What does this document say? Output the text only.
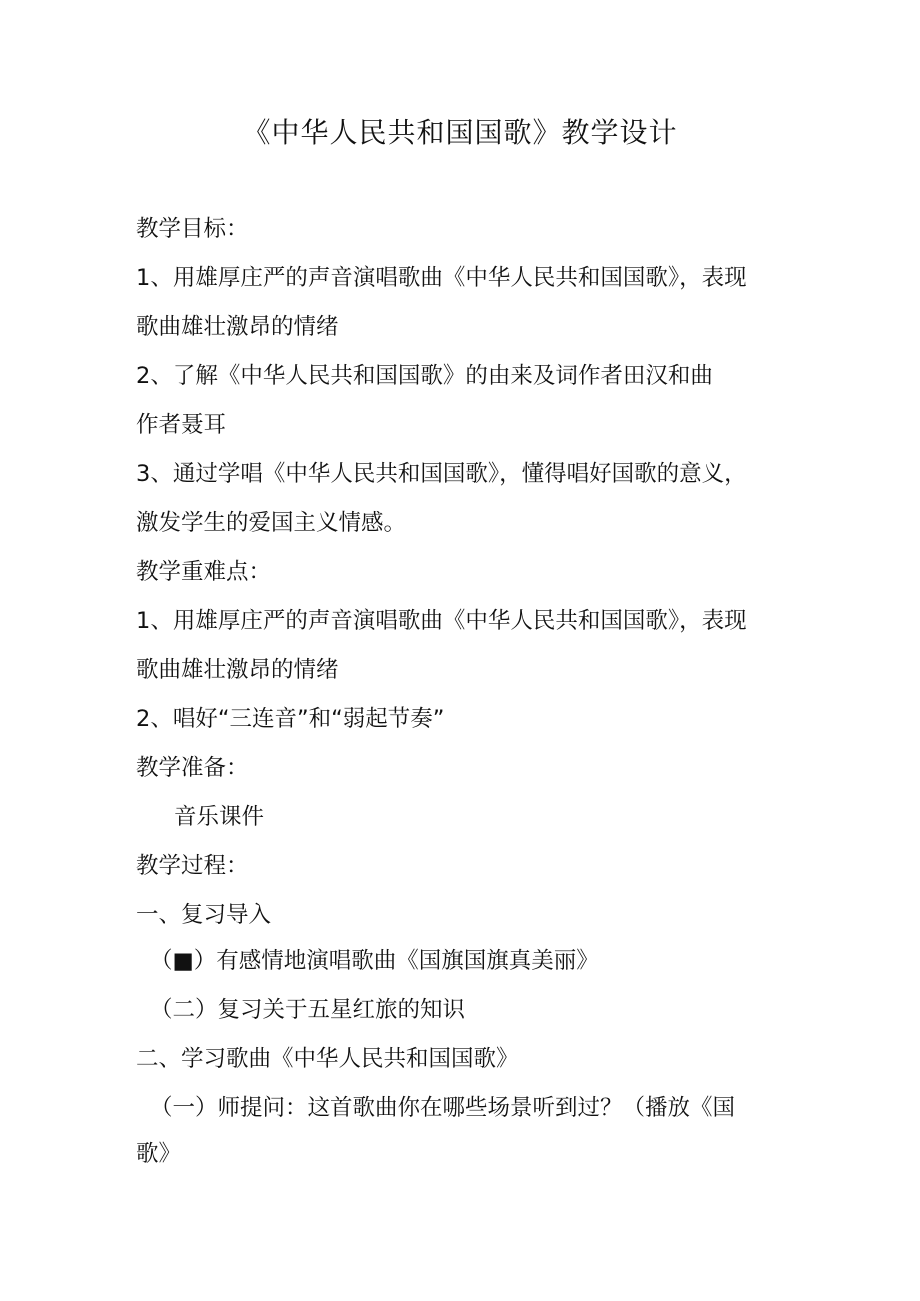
《中华人民共和国国歌》教学设计
教学目标：
1、用雄厚庄严的声音演唱歌曲《中华人民共和国国歌》，表现
歌曲雄壮激昂的情绪
2、了解《中华人民共和国国歌》的由来及词作者田汉和曲
作者聂耳
3、通过学唱《中华人民共和国国歌》，懂得唱好国歌的意义，
激发学生的爱国主义情感。
教学重难点：
1、用雄厚庄严的声音演唱歌曲《中华人民共和国国歌》，表现
歌曲雄壮激昂的情绪
2、唱好“三连音”和“弱起节奏”
教学准备：
音乐课件
教学过程：
一、复习导入
（■）有感情地演唱歌曲《国旗国旗真美丽》
（二）复习关于五星红旅的知识
二、学习歌曲《中华人民共和国国歌》
（一）师提问：这首歌曲你在哪些场景听到过？（播放《国
歌》
